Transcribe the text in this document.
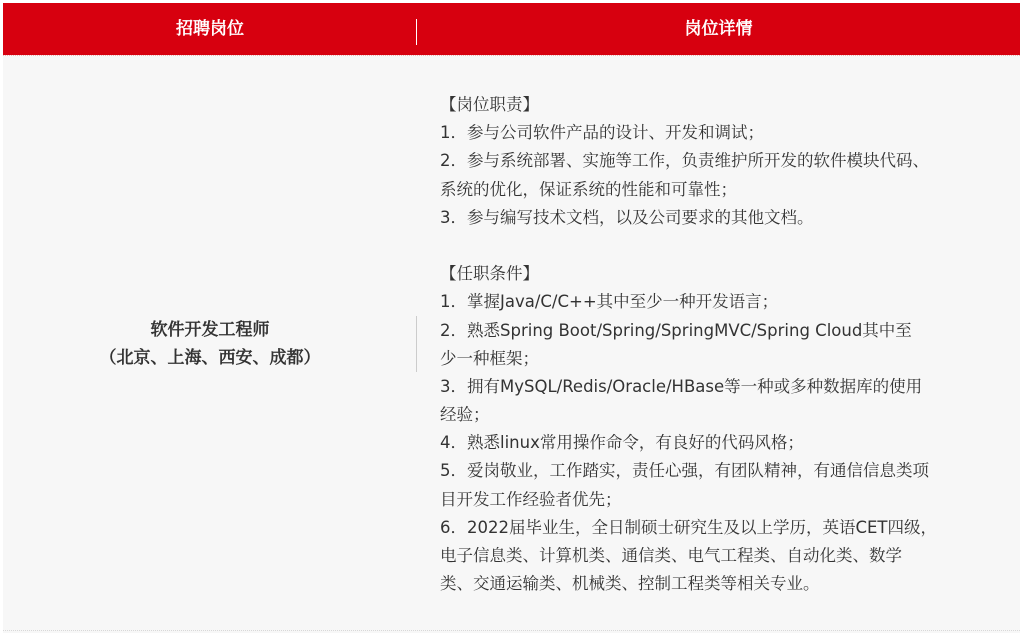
招聘岗位	岗位详情
软件开发工程师
（北京、上海、西安、成都）
【岗位职责】
1．参与公司软件产品的设计、开发和调试；
2．参与系统部署、实施等工作，负责维护所开发的软件模块代码、
系统的优化，保证系统的性能和可靠性；
3．参与编写技术文档，以及公司要求的其他文档。
【任职条件】
1．掌握Java/C/C++其中至少一种开发语言；
2．熟悉Spring Boot/Spring/SpringMVC/Spring Cloud其中至
少一种框架；
3．拥有MySQL/Redis/Oracle/HBase等一种或多种数据库的使用
经验；
4．熟悉linux常用操作命令，有良好的代码风格；
5．爱岗敬业，工作踏实，责任心强，有团队精神，有通信信息类项
目开发工作经验者优先；
6．2022届毕业生，全日制硕士研究生及以上学历，英语CET四级，
电子信息类、计算机类、通信类、电气工程类、自动化类、数学
类、交通运输类、机械类、控制工程类等相关专业。
